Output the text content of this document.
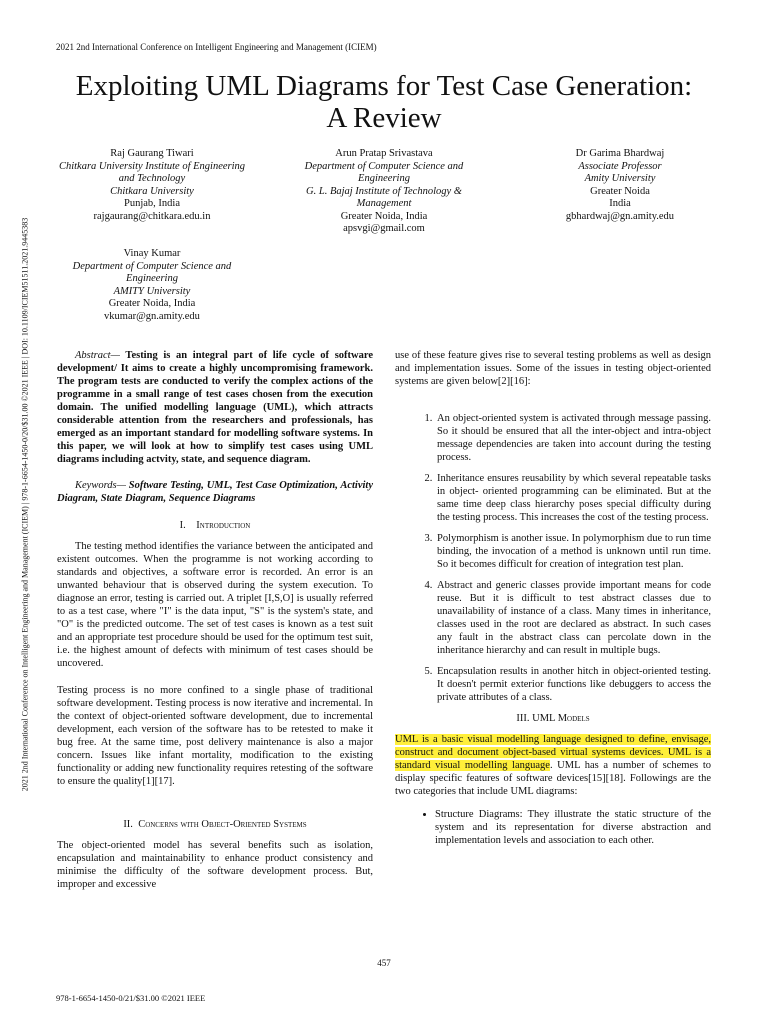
2021 2nd International Conference on Intelligent Engineering and Management (ICIEM)
2021 2nd International Conference on Intelligent Engineering and Management (ICIEM) | 978-1-6654-1450-0/20/$31.00 ©2021 IEEE | DOI: 10.1109/ICIEM51511.2021.9445383
Exploiting UML Diagrams for Test Case Generation: A Review
Raj Gaurang Tiwari
Chitkara University Institute of Engineering and Technology
Chitkara University
Punjab, India
rajgaurang@chitkara.edu.in
Arun Pratap Srivastava
Department of Computer Science and Engineering
G. L. Bajaj Institute of Technology & Management
Greater Noida, India
apsvgi@gmail.com
Dr Garima Bhardwaj
Associate Professor
Amity University
Greater Noida
India
gbhardwaj@gn.amity.edu
Vinay Kumar
Department of Computer Science and Engineering
AMITY University
Greater Noida, India
vkumar@gn.amity.edu

Abstract— Testing is an integral part of life cycle of software development/ It aims to create a highly uncompromising framework. The program tests are conducted to verify the complex actions of the programme in a small range of test cases chosen from the execution domain. The unified modelling language (UML), which attracts considerable attention from the researchers and professionals, has emerged as an important standard for modelling software systems. In this paper, we will look at how to simplify test cases using UML diagrams including actvity, state, and sequence diagram.

Keywords— Software Testing, UML, Test Case Optimization, Activity Diagram, State Diagram, Sequence Diagrams

I. Introduction

The testing method identifies the variance between the anticipated and existent outcomes. When the programme is not working according to standards and objectives, a software error is recorded. An error is an unwanted behaviour that is observed during the system execution. To diagnose an error, testing is carried out. A triplet [I,S,O] is usually referred to as a test case, where "I" is the data input, "S" is the system's state, and "O" is the predicted outcome. The set of test cases is known as a test suit and an appropriate test procedure should be used for the optimum test suit, i.e. the highest amount of defects with minimum of test cases should be uncovered.

Testing process is no more confined to a single phase of traditional software development. Testing process is now iterative and incremental. In the context of object-oriented software development, due to incremental development, each version of the software has to be retested to make it bug free. At the same time, post delivery maintenance is also a major concern. Issues like infant mortality, modification to the existing functionality or adding new functionality requires retesting of the software to ensure the quality[1][17].

II. Concerns with Object-Oriented Systems

The object-oriented model has several benefits such as isolation, encapsulation and maintainability to enhance product consistency and minimise the difficulty of the software development process. But, improper and excessive

use of these feature gives rise to several testing problems as well as design and implementation issues. Some of the issues in testing object-oriented systems are given below[2][16]:

1. An object-oriented system is activated through message passing. So it should be ensured that all the inter-object and intra-object message dependencies are taken into account during the testing process.
2. Inheritance ensures reusability by which several repeatable tasks in object- oriented programming can be eliminated. But at the same time deep class hierarchy poses special difficulty during the testing process. This increases the cost of the testing process.
3. Polymorphism is another issue. In polymorphism due to run time binding, the invocation of a method is unknown until run time. So it becomes difficult for creation of integration test plan.
4. Abstract and generic classes provide important means for code reuse. But it is difficult to test abstract classes due to unavailability of instance of a class. Many times in inheritance, classes used in the root are declared as abstract. In such cases any fault in the abstract class can percolate down in the inheritance hierarchy and can result in multiple bugs.
5. Encapsulation results in another hitch in object-oriented testing. It doesn't permit exterior functions like debuggers to access the private attributes of a class.
III. UML Models

UML is a basic visual modelling language designed to define, envisage, construct and document object-based virtual systems devices. UML is a standard visual modelling language. UML has a number of schemes to display specific features of software devices[15][18]. Followings are the two categories that include UML diagrams:

• Structure Diagrams: They illustrate the static structure of the system and its representation for diverse abstraction and implementation levels and association to each other.
457
978-1-6654-1450-0/21/$31.00 ©2021 IEEE
